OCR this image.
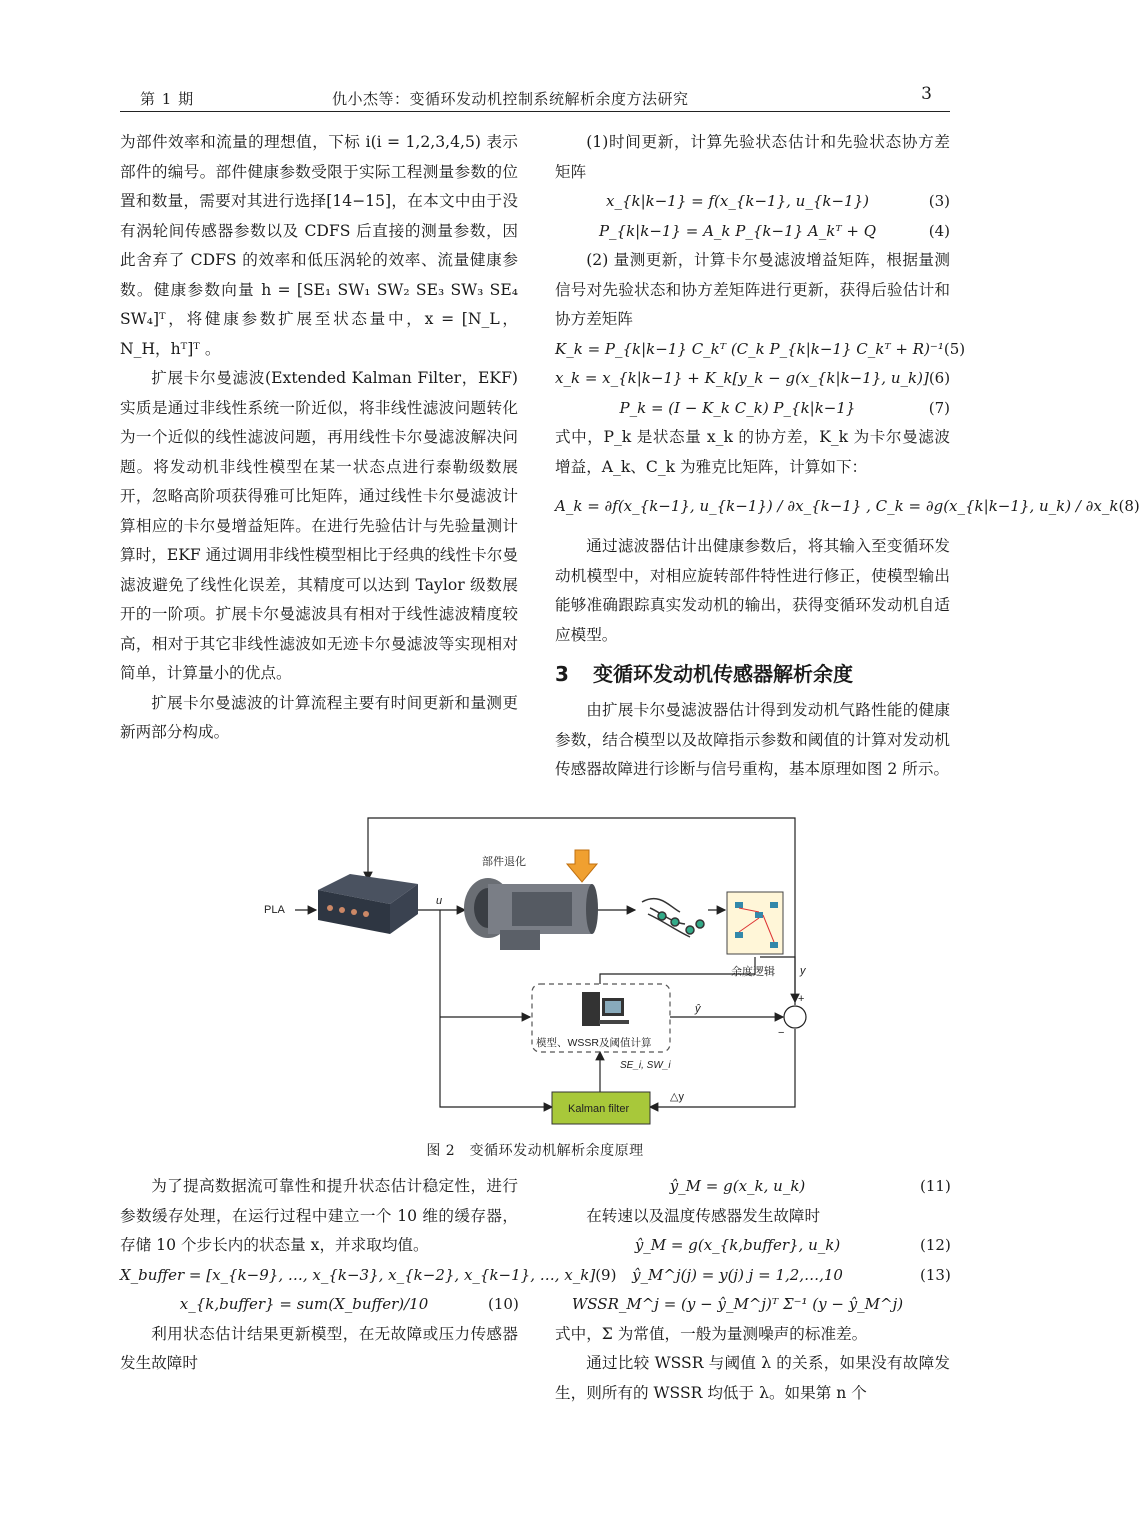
第 1 期	仇小杰等：变循环发动机控制系统解析余度方法研究	3

为部件效率和流量的理想值，下标 i(i = 1,2,3,4,5) 表示部件的编号。部件健康参数受限于实际工程测量参数的位置和数量，需要对其进行选择[14−15]，在本文中由于没有涡轮间传感器参数以及 CDFS 后直接的测量参数，因此舍弃了 CDFS 的效率和低压涡轮的效率、流量健康参数。健康参数向量 h = [SE₁ SW₁ SW₂ SE₃ SW₃ SE₄ SW₄]ᵀ，将健康参数扩展至状态量中，x = [N_L，N_H，hᵀ]ᵀ 。

扩展卡尔曼滤波(Extended Kalman Filter，EKF)实质是通过非线性系统一阶近似，将非线性滤波问题转化为一个近似的线性滤波问题，再用线性卡尔曼滤波解决问题。将发动机非线性模型在某一状态点进行泰勒级数展开，忽略高阶项获得雅可比矩阵，通过线性卡尔曼滤波计算相应的卡尔曼增益矩阵。在进行先验估计与先验量测计算时，EKF 通过调用非线性模型相比于经典的线性卡尔曼滤波避免了线性化误差，其精度可以达到 Taylor 级数展开的一阶项。扩展卡尔曼滤波具有相对于线性滤波精度较高，相对于其它非线性滤波如无迹卡尔曼滤波等实现相对简单，计算量小的优点。

扩展卡尔曼滤波的计算流程主要有时间更新和量测更新两部分构成。

(1)时间更新，计算先验状态估计和先验状态协方差矩阵

x_{k|k−1} = f(x_{k−1}, u_{k−1})	(3)
P_{k|k−1} = A_k P_{k−1} A_kᵀ + Q	(4)

(2) 量测更新，计算卡尔曼滤波增益矩阵，根据量测信号对先验状态和协方差矩阵进行更新，获得后验估计和协方差矩阵

K_k = P_{k|k−1} C_kᵀ (C_k P_{k|k−1} C_kᵀ + R)⁻¹ (5)
x_k = x_{k|k−1} + K_k[y_k − g(x_{k|k−1}, u_k)] (6)
P_k = (I − K_k C_k) P_{k|k−1}	(7)

式中，P_k 是状态量 x_k 的协方差，K_k 为卡尔曼滤波增益，A_k、C_k 为雅克比矩阵，计算如下：

A_k = ∂f(x_{k−1}, u_{k−1}) / ∂x_{k−1} , C_k = ∂g(x_{k|k−1}, u_k) / ∂x_k (8)

通过滤波器估计出健康参数后，将其输入至变循环发动机模型中，对相应旋转部件特性进行修正，使模型输出能够准确跟踪真实发动机的输出，获得变循环发动机自适应模型。

3 变循环发动机传感器解析余度

由扩展卡尔曼滤波器估计得到发动机气路性能的健康参数，结合模型以及故障指示参数和阈值的计算对发动机传感器故障进行诊断与信号重构，基本原理如图 2 所示。

PLA
u
部件退化
余度逻辑 y
+
−
ŷ
模型、WSSR及阈值计算
SE_i, SW_i
Kalman filter
△y
图 2　变循环发动机解析余度原理

为了提高数据流可靠性和提升状态估计稳定性，进行参数缓存处理，在运行过程中建立一个 10 维的缓存器，存储 10 个步长内的状态量 x，并求取均值。

X_buffer = [x_{k−9}, …, x_{k−3}, x_{k−2}, x_{k−1}, …, x_k] (9)
x_{k,buffer} = sum(X_buffer)/10	(10)

利用状态估计结果更新模型，在无故障或压力传感器发生故障时

ŷ_M = g(x_k, u_k)	(11)

在转速以及温度传感器发生故障时

ŷ_M = g(x_{k,buffer}, u_k)	(12)
ŷ_M^j(j) = y(j) j = 1,2,…,10	(13)
WSSR_M^j = (y − ŷ_M^j)ᵀ Σ⁻¹ (y − ŷ_M^j)

式中，Σ 为常值，一般为量测噪声的标准差。

通过比较 WSSR 与阈值 λ 的关系，如果没有故障发生，则所有的 WSSR 均低于 λ。如果第 n 个
